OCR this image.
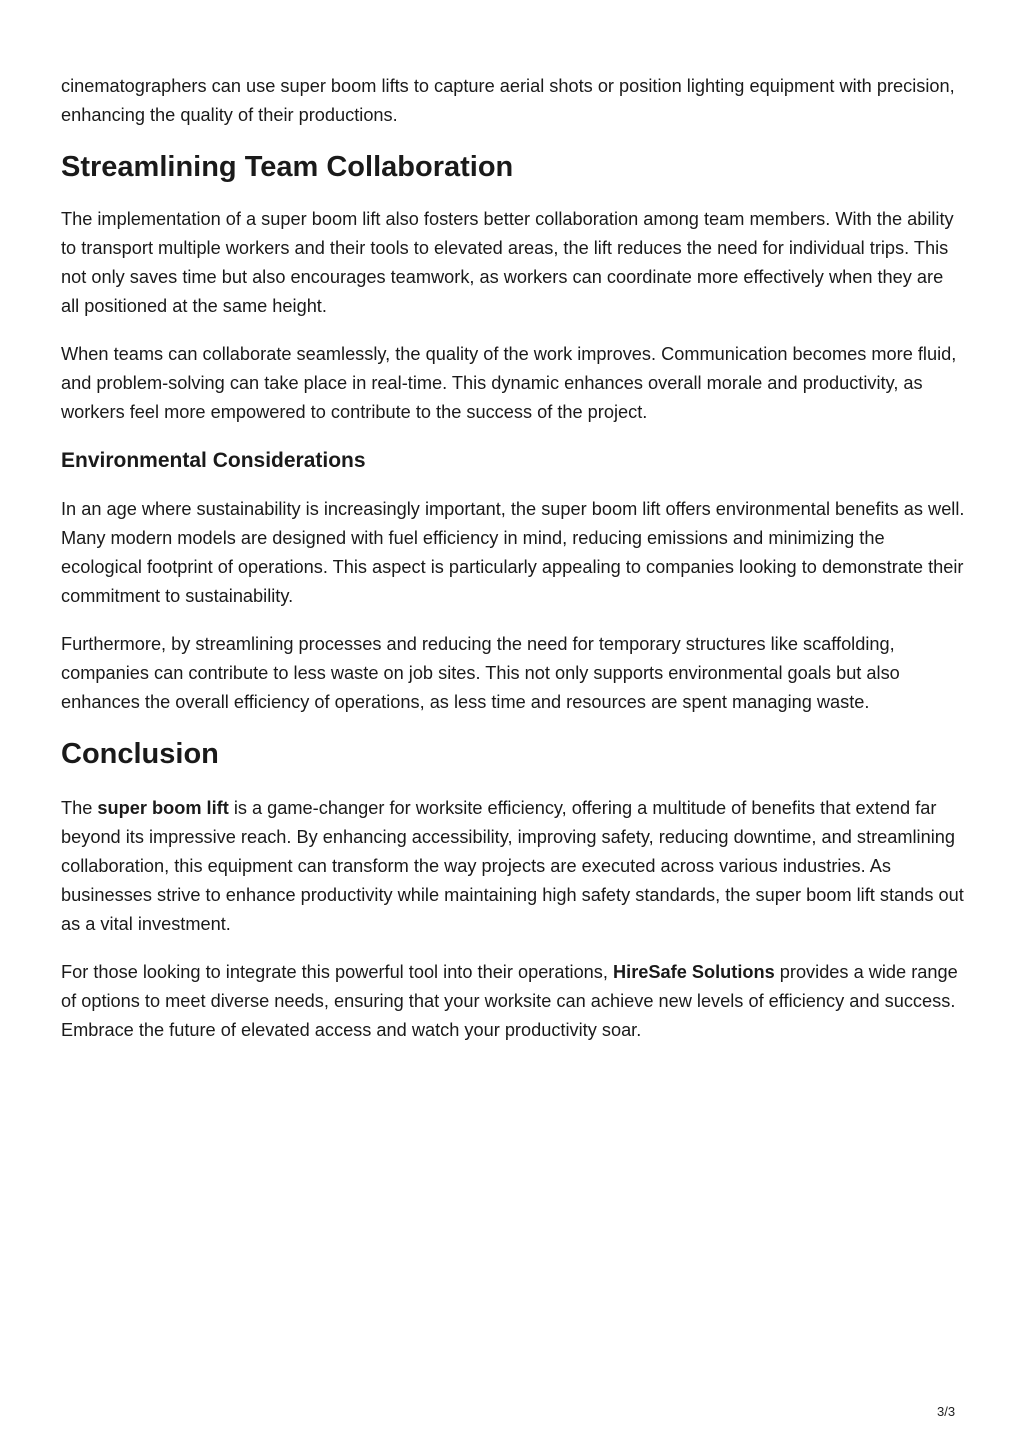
cinematographers can use super boom lifts to capture aerial shots or position lighting equipment with precision, enhancing the quality of their productions.

Streamlining Team Collaboration

The implementation of a super boom lift also fosters better collaboration among team members. With the ability to transport multiple workers and their tools to elevated areas, the lift reduces the need for individual trips. This not only saves time but also encourages teamwork, as workers can coordinate more effectively when they are all positioned at the same height.

When teams can collaborate seamlessly, the quality of the work improves. Communication becomes more fluid, and problem-solving can take place in real-time. This dynamic enhances overall morale and productivity, as workers feel more empowered to contribute to the success of the project.

Environmental Considerations

In an age where sustainability is increasingly important, the super boom lift offers environmental benefits as well. Many modern models are designed with fuel efficiency in mind, reducing emissions and minimizing the ecological footprint of operations. This aspect is particularly appealing to companies looking to demonstrate their commitment to sustainability.

Furthermore, by streamlining processes and reducing the need for temporary structures like scaffolding, companies can contribute to less waste on job sites. This not only supports environmental goals but also enhances the overall efficiency of operations, as less time and resources are spent managing waste.

Conclusion

The super boom lift is a game-changer for worksite efficiency, offering a multitude of benefits that extend far beyond its impressive reach. By enhancing accessibility, improving safety, reducing downtime, and streamlining collaboration, this equipment can transform the way projects are executed across various industries. As businesses strive to enhance productivity while maintaining high safety standards, the super boom lift stands out as a vital investment.

For those looking to integrate this powerful tool into their operations, HireSafe Solutions provides a wide range of options to meet diverse needs, ensuring that your worksite can achieve new levels of efficiency and success. Embrace the future of elevated access and watch your productivity soar.

3/3
